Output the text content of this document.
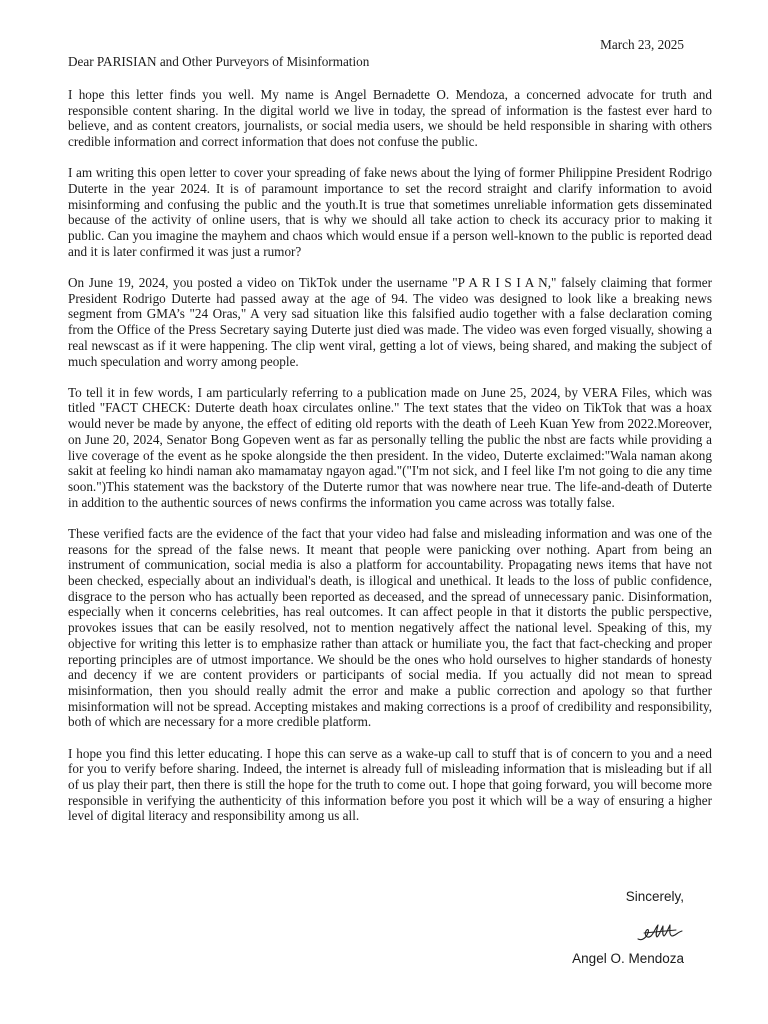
March 23, 2025
Dear PARISIAN and Other Purveyors of Misinformation

I hope this letter finds you well. My name is Angel Bernadette O. Mendoza, a concerned advocate for truth and responsible content sharing. In the digital world we live in today, the spread of information is the fastest ever hard to believe, and as content creators, journalists, or social media users, we should be held responsible in sharing with others credible information and correct information that does not confuse the public.

I am writing this open letter to cover your spreading of fake news about the lying of former Philippine President Rodrigo Duterte in the year 2024. It is of paramount importance to set the record straight and clarify information to avoid misinforming and confusing the public and the youth.It is true that sometimes unreliable information gets disseminated because of the activity of online users, that is why we should all take action to check its accuracy prior to making it public. Can you imagine the mayhem and chaos which would ensue if a person well-known to the public is reported dead and it is later confirmed it was just a rumor?

On June 19, 2024, you posted a video on TikTok under the username "P A R I S I A N," falsely claiming that former President Rodrigo Duterte had passed away at the age of 94. The video was designed to look like a breaking news segment from GMA’s "24 Oras," A very sad situation like this falsified audio together with a false declaration coming from the Office of the Press Secretary saying Duterte just died was made. The video was even forged visually, showing a real newscast as if it were happening. The clip went viral, getting a lot of views, being shared, and making the subject of much speculation and worry among people.

To tell it in few words, I am particularly referring to a publication made on June 25, 2024, by VERA Files, which was titled "FACT CHECK: Duterte death hoax circulates online." The text states that the video on TikTok that was a hoax would never be made by anyone, the effect of editing old reports with the death of Leeh Kuan Yew from 2022.Moreover, on June 20, 2024, Senator Bong Gopeven went as far as personally telling the public the nbst are facts while providing a live coverage of the event as he spoke alongside the then president. In the video, Duterte exclaimed:"Wala naman akong sakit at feeling ko hindi naman ako mamamatay ngayon agad."("I'm not sick, and I feel like I'm not going to die any time soon.")This statement was the backstory of the Duterte rumor that was nowhere near true. The life-and-death of Duterte in addition to the authentic sources of news confirms the information you came across was totally false.

These verified facts are the evidence of the fact that your video had false and misleading information and was one of the reasons for the spread of the false news. It meant that people were panicking over nothing. Apart from being an instrument of communication, social media is also a platform for accountability. Propagating news items that have not been checked, especially about an individual's death, is illogical and unethical. It leads to the loss of public confidence, disgrace to the person who has actually been reported as deceased, and the spread of unnecessary panic. Disinformation, especially when it concerns celebrities, has real outcomes. It can affect people in that it distorts the public perspective, provokes issues that can be easily resolved, not to mention negatively affect the national level. Speaking of this, my objective for writing this letter is to emphasize rather than attack or humiliate you, the fact that fact-checking and proper reporting principles are of utmost importance. We should be the ones who hold ourselves to higher standards of honesty and decency if we are content providers or participants of social media. If you actually did not mean to spread misinformation, then you should really admit the error and make a public correction and apology so that further misinformation will not be spread. Accepting mistakes and making corrections is a proof of credibility and responsibility, both of which are necessary for a more credible platform.

I hope you find this letter educating. I hope this can serve as a wake-up call to stuff that is of concern to you and a need for you to verify before sharing. Indeed, the internet is already full of misleading information that is misleading but if all of us play their part, then there is still the hope for the truth to come out. I hope that going forward, you will become more responsible in verifying the authenticity of this information before you post it which will be a way of ensuring a higher level of digital literacy and responsibility among us all.

Sincerely,
Angel O. Mendoza
